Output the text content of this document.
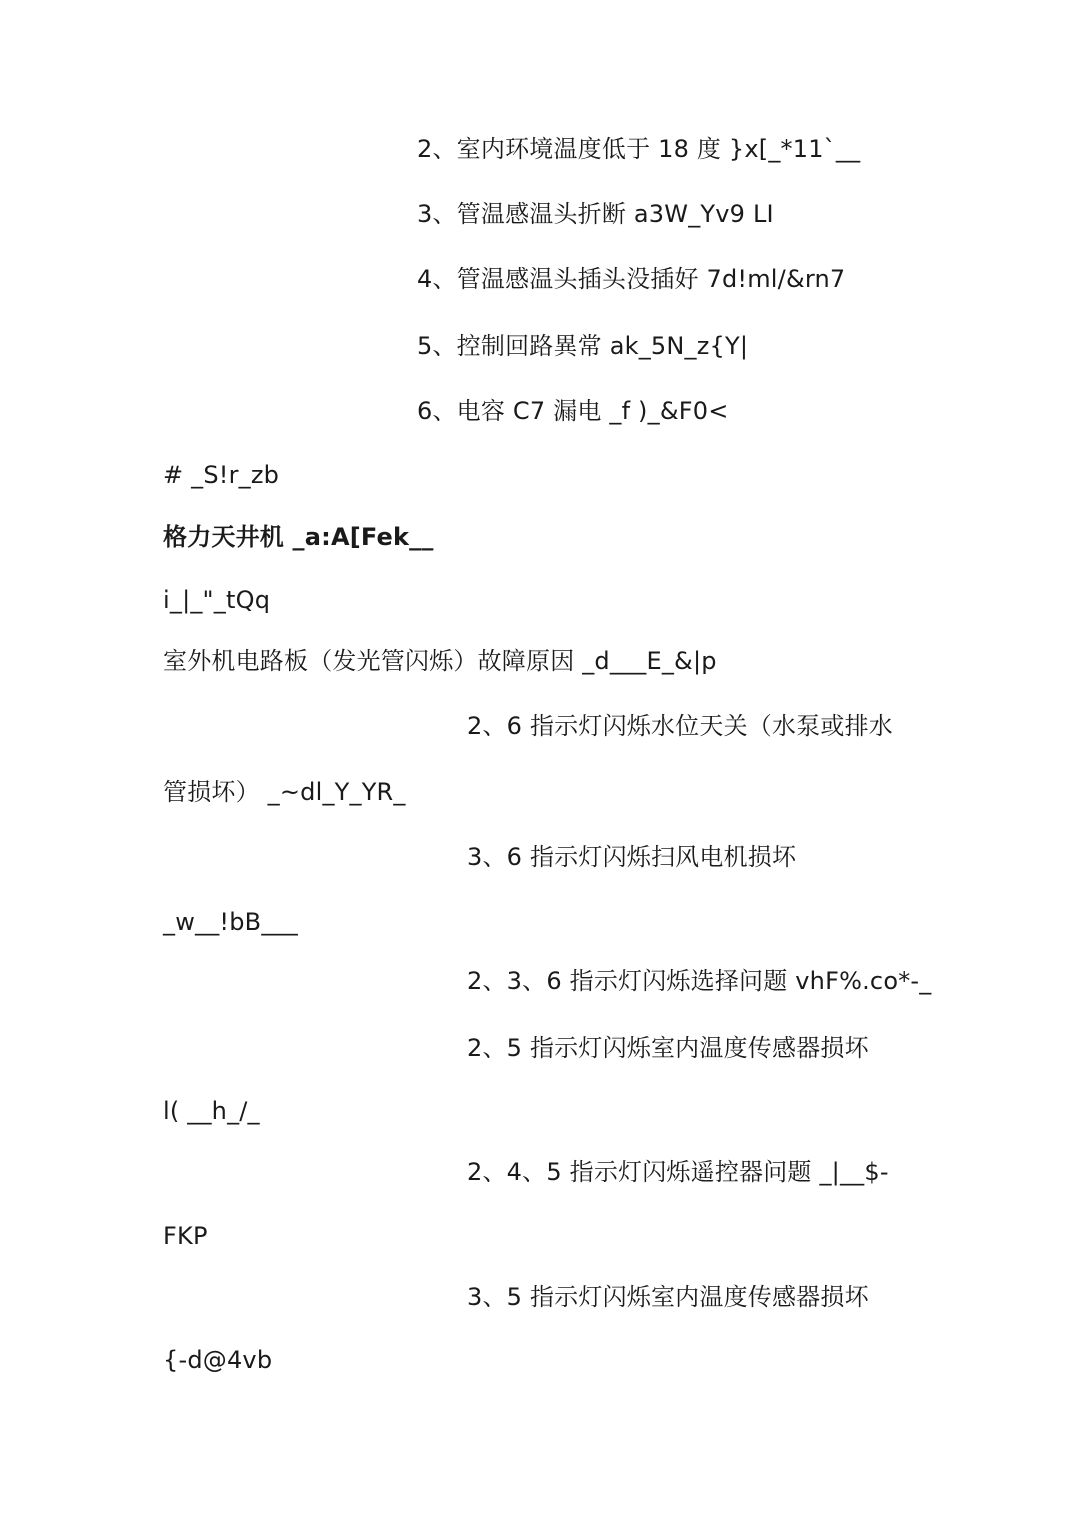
2、室内环境温度低于 18 度 }x[_*11`__
3、管温感温头折断 a3W_Yv9 LI
4、管温感温头插头没插好 7d!ml/&rn7
5、控制回路異常 ak_5N_z{Y|
6、电容 C7 漏电 _f )_&F0<
# _S!r_zb
格力天井机 _a:A[Fek__
i_|_"_tQq
室外机电路板（发光管闪烁）故障原因 _d___E_&|p
2、6 指示灯闪烁水位天关（水泵或排水
管损坏） _~dl_Y_YR_
3、6 指示灯闪烁扫风电机损坏
_w__!bB___
2、3、6 指示灯闪烁选择问题 vhF%.co*-_
2、5 指示灯闪烁室内温度传感器损坏
l( __h_/_
2、4、5 指示灯闪烁遥控器问题 _|__$-
FKP
3、5 指示灯闪烁室内温度传感器损坏
{-d@4vb
